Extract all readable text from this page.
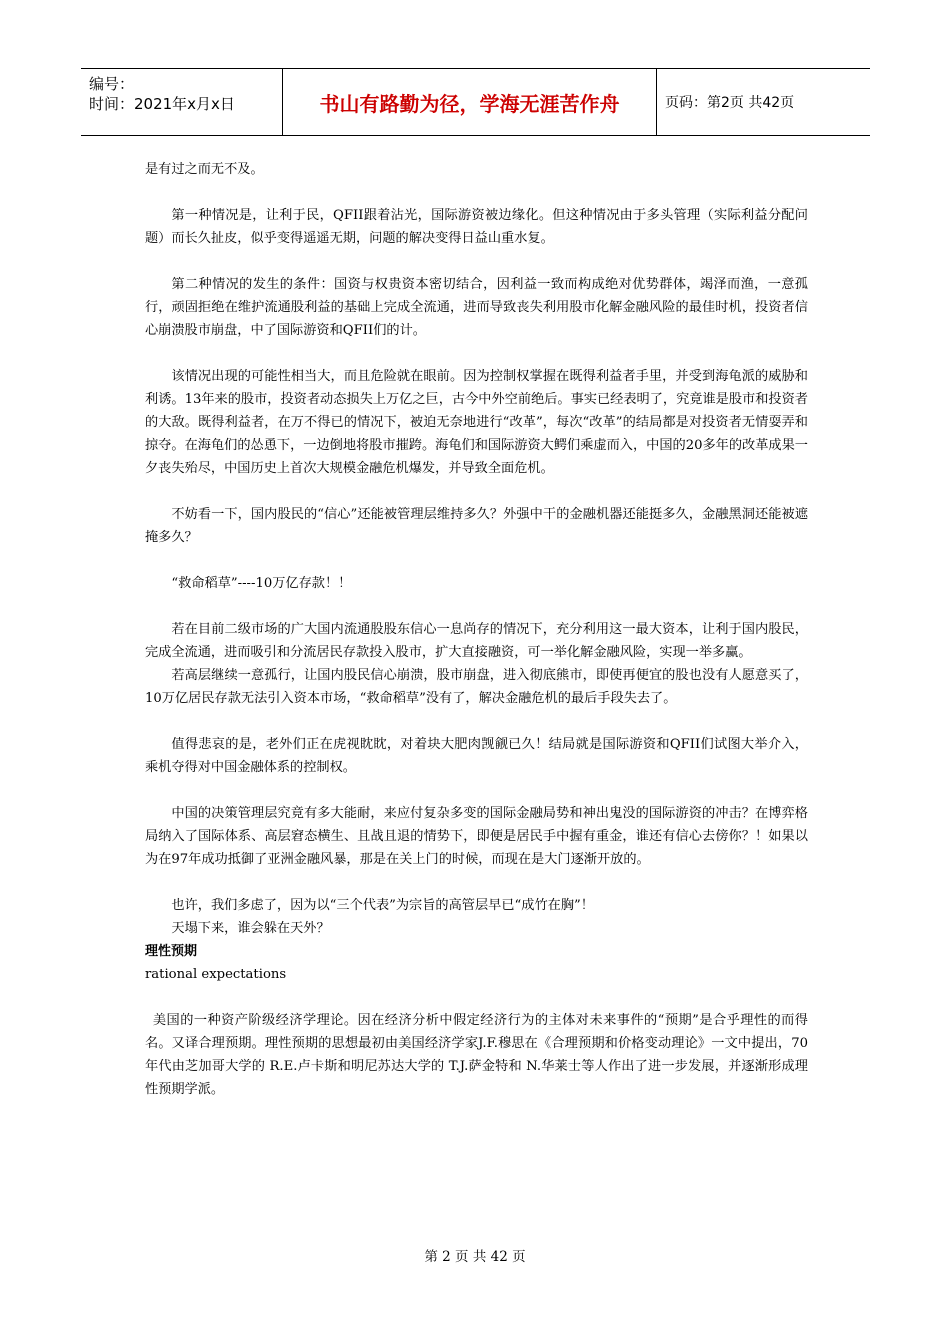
编号：
时间：2021年x月x日	书山有路勤为径，学海无涯苦作舟	页码：第2页 共42页

是有过之而无不及。

第一种情况是，让利于民，QFII跟着沾光，国际游资被边缘化。但这种情况由于多头管理（实际利益分配问题）而长久扯皮，似乎变得遥遥无期，问题的解决变得日益山重水复。

第二种情况的发生的条件：国资与权贵资本密切结合，因利益一致而构成绝对优势群体，竭泽而渔，一意孤行，顽固拒绝在维护流通股利益的基础上完成全流通，进而导致丧失利用股市化解金融风险的最佳时机，投资者信心崩溃股市崩盘，中了国际游资和QFII们的计。

该情况出现的可能性相当大，而且危险就在眼前。因为控制权掌握在既得利益者手里，并受到海龟派的威胁和利诱。13年来的股市，投资者动态损失上万亿之巨，古今中外空前绝后。事实已经表明了，究竟谁是股市和投资者的大敌。既得利益者，在万不得已的情况下，被迫无奈地进行“改革”，每次“改革”的结局都是对投资者无情耍弄和掠夺。在海龟们的怂恿下，一边倒地将股市摧跨。海龟们和国际游资大鳄们乘虚而入，中国的20多年的改革成果一夕丧失殆尽，中国历史上首次大规模金融危机爆发，并导致全面危机。

不妨看一下，国内股民的“信心”还能被管理层维持多久？外强中干的金融机器还能挺多久，金融黑洞还能被遮掩多久？

“救命稻草”----10万亿存款！！

若在目前二级市场的广大国内流通股股东信心一息尚存的情况下，充分利用这一最大资本，让利于国内股民，完成全流通，进而吸引和分流居民存款投入股市，扩大直接融资，可一举化解金融风险，实现一举多赢。

若高层继续一意孤行，让国内股民信心崩溃，股市崩盘，进入彻底熊市，即使再便宜的股也没有人愿意买了，10万亿居民存款无法引入资本市场，“救命稻草”没有了，解决金融危机的最后手段失去了。

值得悲哀的是，老外们正在虎视眈眈，对着块大肥肉觊觎已久！结局就是国际游资和QFII们试图大举介入，乘机夺得对中国金融体系的控制权。

中国的决策管理层究竟有多大能耐，来应付复杂多变的国际金融局势和神出鬼没的国际游资的冲击？在博弈格局纳入了国际体系、高层窘态横生、且战且退的情势下，即便是居民手中握有重金，谁还有信心去傍你？！如果以为在97年成功抵御了亚洲金融风暴，那是在关上门的时候，而现在是大门逐渐开放的。

也许，我们多虑了，因为以“三个代表”为宗旨的高管层早已“成竹在胸”！

天塌下来，谁会躲在天外？

理性预期

rational expectations

美国的一种资产阶级经济学理论。因在经济分析中假定经济行为的主体对未来事件的“预期”是合乎理性的而得名。又译合理预期。理性预期的思想最初由美国经济学家J.F.穆思在《合理预期和价格变动理论》一文中提出，70年代由芝加哥大学的 R.E.卢卡斯和明尼苏达大学的 T.J.萨金特和 N.华莱士等人作出了进一步发展，并逐渐形成理性预期学派。

第 2 页 共 42 页
